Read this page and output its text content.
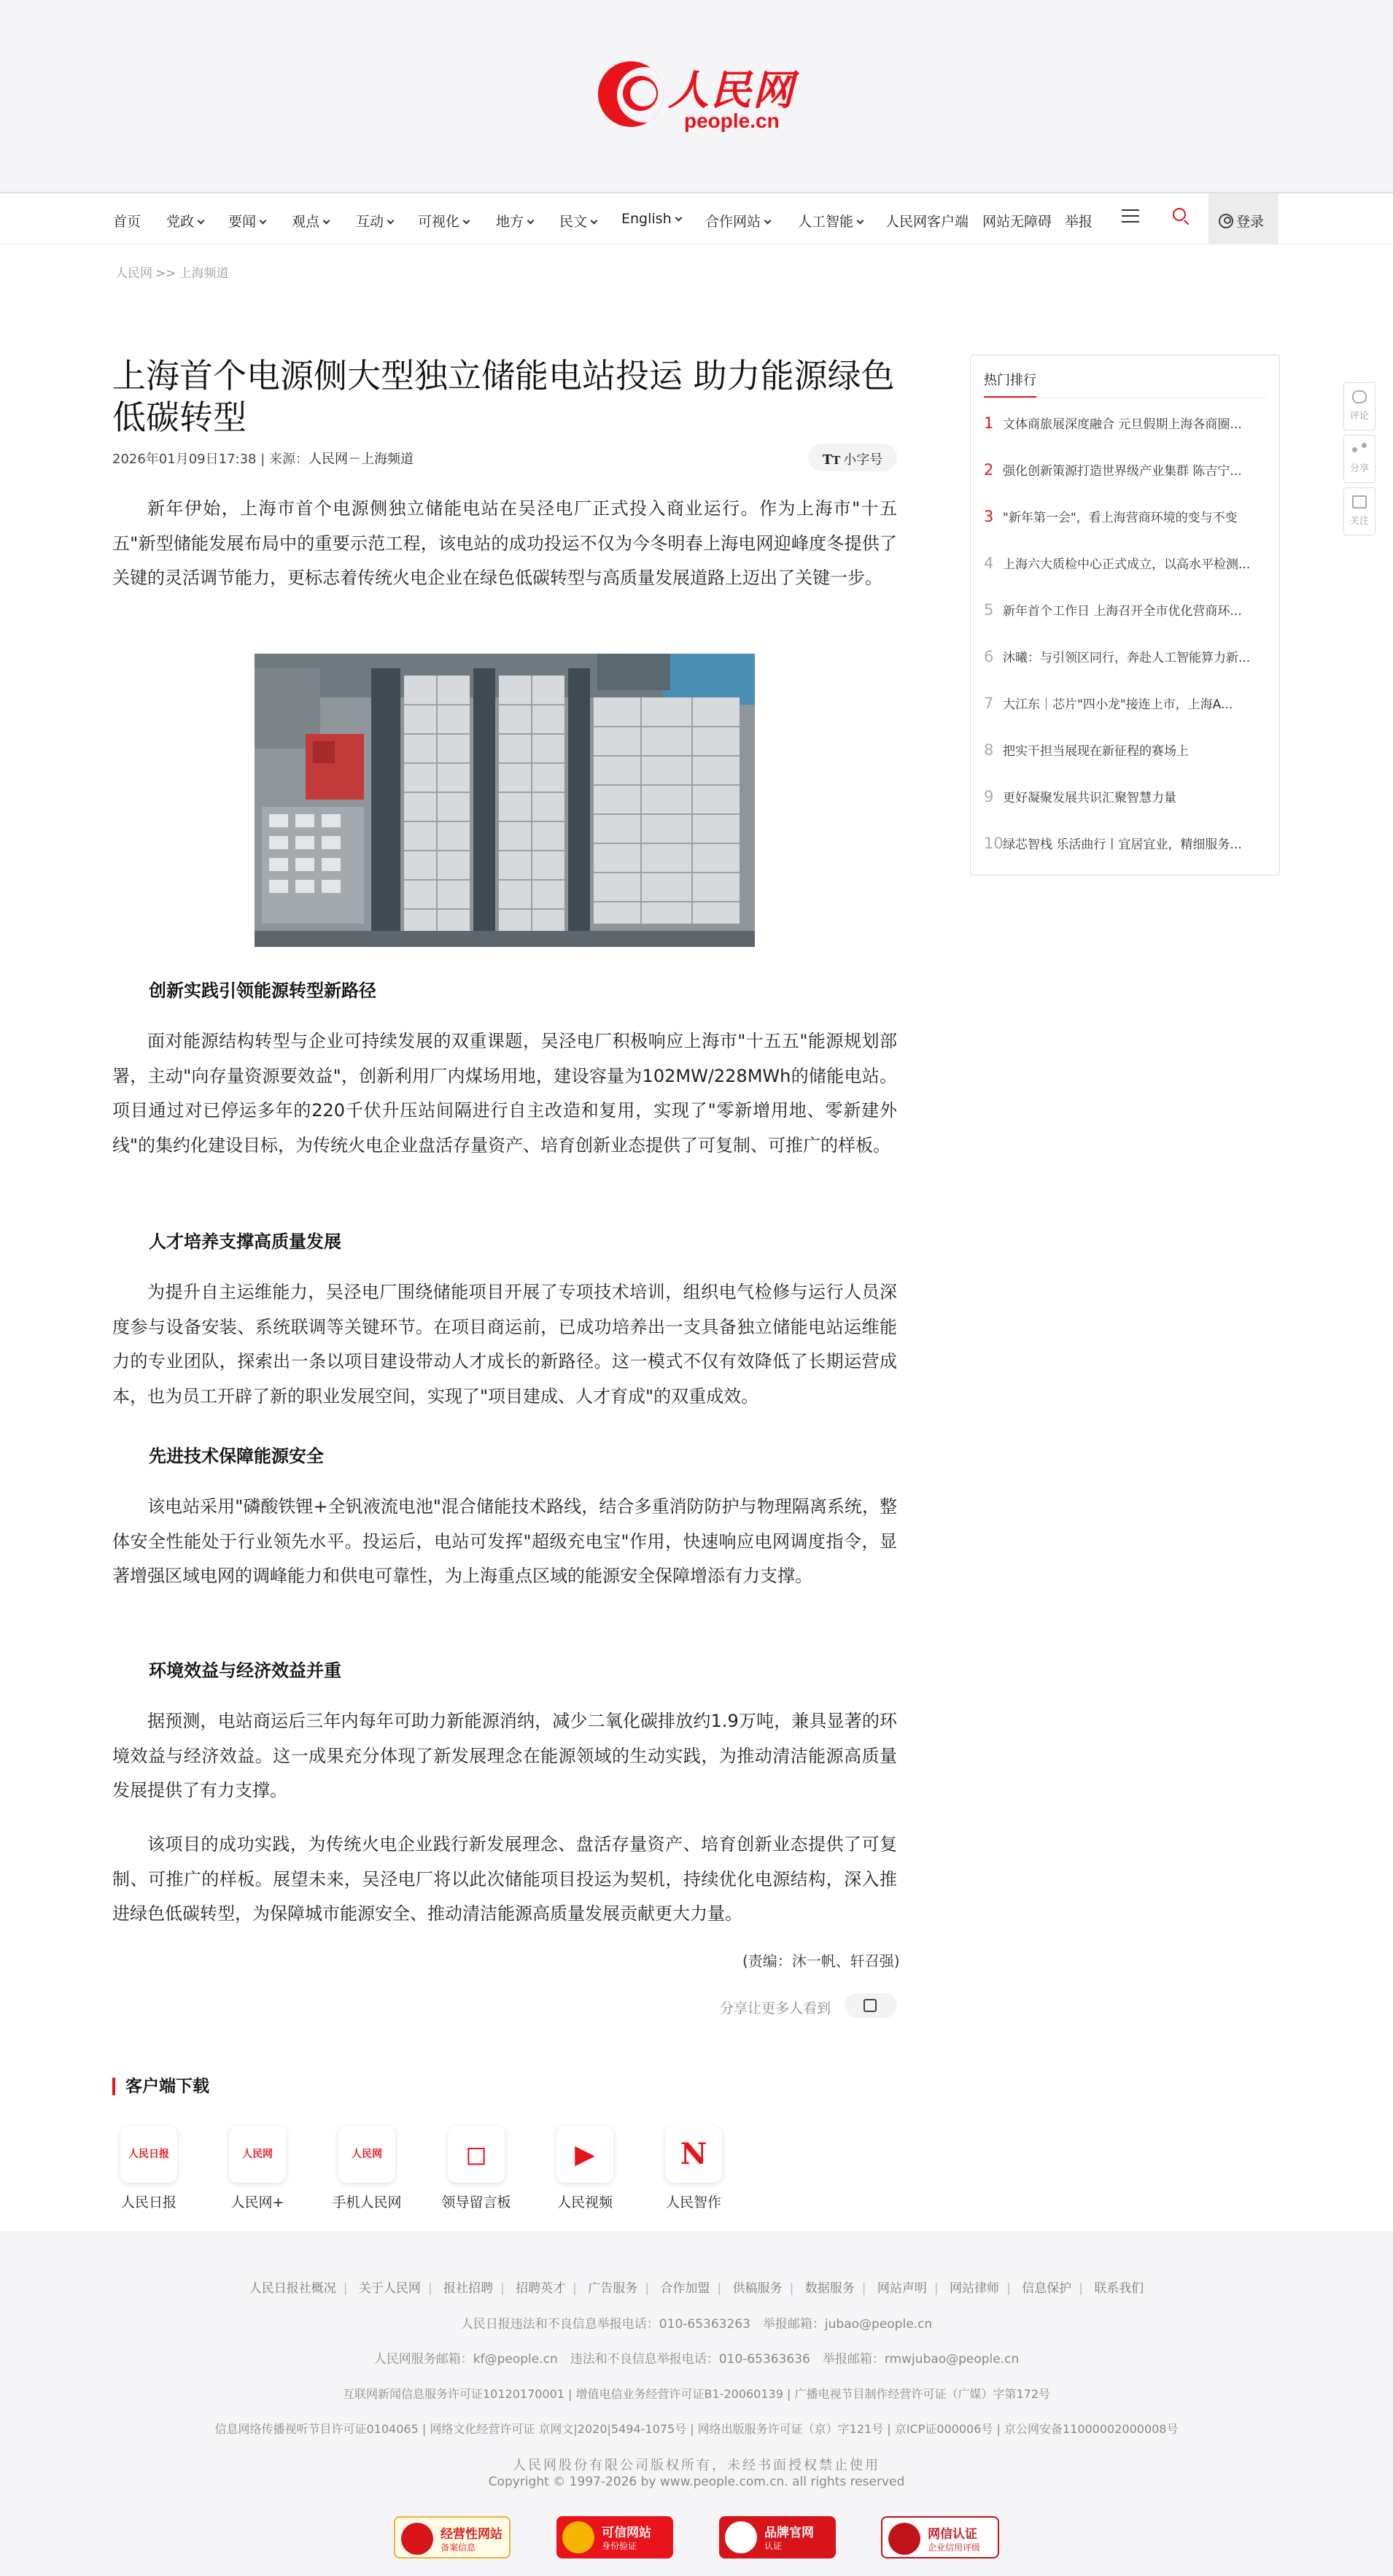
人民网
people.cn
首页 党政	要闻	观点	互动	可视化	地方	民文	English	合作网站	人工智能	人民网客户端 网站无障碍 举报	登录
人民网 >> 上海频道
上海首个电源侧大型独立储能电站投运 助力能源绿色低碳转型
2026年01月09日17:38 | 来源：人民网－上海频道	TT 小字号

新年伊始，上海市首个电源侧独立储能电站在吴泾电厂正式投入商业运行。作为上海市"十五五"新型储能发展布局中的重要示范工程，该电站的成功投运不仅为今冬明春上海电网迎峰度冬提供了关键的灵活调节能力，更标志着传统火电企业在绿色低碳转型与高质量发展道路上迈出了关键一步。

创新实践引领能源转型新路径

面对能源结构转型与企业可持续发展的双重课题，吴泾电厂积极响应上海市"十五五"能源规划部署，主动"向存量资源要效益"，创新利用厂内煤场用地，建设容量为102MW/228MWh的储能电站。项目通过对已停运多年的220千伏升压站间隔进行自主改造和复用，实现了"零新增用地、零新建外线"的集约化建设目标，为传统火电企业盘活存量资产、培育创新业态提供了可复制、可推广的样板。

人才培养支撑高质量发展

为提升自主运维能力，吴泾电厂围绕储能项目开展了专项技术培训，组织电气检修与运行人员深度参与设备安装、系统联调等关键环节。在项目商运前，已成功培养出一支具备独立储能电站运维能力的专业团队，探索出一条以项目建设带动人才成长的新路径。这一模式不仅有效降低了长期运营成本，也为员工开辟了新的职业发展空间，实现了"项目建成、人才育成"的双重成效。

先进技术保障能源安全

该电站采用"磷酸铁锂+全钒液流电池"混合储能技术路线，结合多重消防防护与物理隔离系统，整体安全性能处于行业领先水平。投运后，电站可发挥"超级充电宝"作用，快速响应电网调度指令，显著增强区域电网的调峰能力和供电可靠性，为上海重点区域的能源安全保障增添有力支撑。

环境效益与经济效益并重

据预测，电站商运后三年内每年可助力新能源消纳，减少二氧化碳排放约1.9万吨，兼具显著的环境效益与经济效益。这一成果充分体现了新发展理念在能源领域的生动实践，为推动清洁能源高质量发展提供了有力支撑。

该项目的成功实践，为传统火电企业践行新发展理念、盘活存量资产、培育创新业态提供了可复制、可推广的样板。展望未来，吴泾电厂将以此次储能项目投运为契机，持续优化电源结构，深入推进绿色低碳转型，为保障城市能源安全、推动清洁能源高质量发展贡献更大力量。

(责编：沐一帆、轩召强)
分享让更多人看到
客户端下载
人民日报
人民日报
人民网
人民网+
人民网
手机人民网
◻
领导留言板
▶
人民视频
N
人民智作
热门排行
1 文体商旅展深度融合 元旦假期上海各商圈...
2 强化创新策源打造世界级产业集群 陈吉宁...
3 "新年第一会"，看上海营商环境的变与不变
4 上海六大质检中心正式成立，以高水平检测...
5 新年首个工作日 上海召开全市优化营商环...
6 沐曦：与引领区同行，奔赴人工智能算力新...
7 大江东｜芯片"四小龙"接连上市，上海A...
8 把实干担当展现在新征程的赛场上
9 更好凝聚发展共识汇聚智慧力量
10绿芯智栈 乐活曲行丨宜居宜业，精细服务...
评论
分享
关注
人民日报社概况 | 关于人民网 | 报社招聘 | 招聘英才 | 广告服务 | 合作加盟 | 供稿服务 | 数据服务 | 网站声明 | 网站律师 | 信息保护 | 联系我们
人民日报违法和不良信息举报电话：010-65363263　举报邮箱：jubao@people.cn
人民网服务邮箱：kf@people.cn　违法和不良信息举报电话：010-65363636　举报邮箱：rmwjubao@people.cn
互联网新闻信息服务许可证10120170001 | 增值电信业务经营许可证B1-20060139 | 广播电视节目制作经营许可证（广媒）字第172号
信息网络传播视听节目许可证0104065 | 网络文化经营许可证 京网文|2020|5494-1075号 | 网络出版服务许可证（京）字121号 | 京ICP证000006号 | 京公网安备11000002000008号
人民网股份有限公司版权所有，未经书面授权禁止使用
Copyright © 1997-2026 by www.people.com.cn. all rights reserved
经营性网站
备案信息
可信网站
身份验证
品牌官网
认证
网信认证
企业信用评级
